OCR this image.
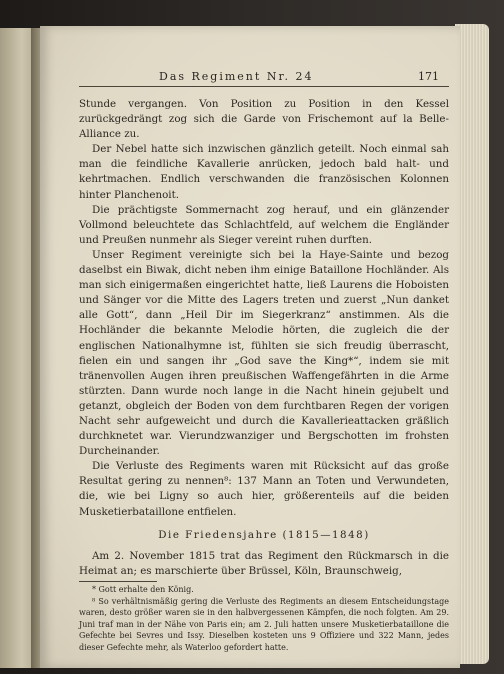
Das Regiment Nr. 24	171

Stunde vergangen. Von Position zu Position in den Kessel zurückgedrängt zog sich die Garde von Frischemont auf la Belle-Alliance zu.

Der Nebel hatte sich inzwischen gänzlich geteilt. Noch einmal sah man die feindliche Kavallerie anrücken, jedoch bald halt- und kehrtmachen. Endlich verschwanden die französischen Kolonnen hinter Planchenoit.

Die prächtigste Sommernacht zog herauf, und ein glänzender Vollmond beleuchtete das Schlachtfeld, auf welchem die Engländer und Preußen nunmehr als Sieger vereint ruhen durften.

Unser Regiment vereinigte sich bei la Haye-Sainte und bezog daselbst ein Biwak, dicht neben ihm einige Bataillone Hochländer. Als man sich einigermaßen eingerichtet hatte, ließ Laurens die Hoboisten und Sänger vor die Mitte des Lagers treten und zuerst „Nun danket alle Gott“, dann „Heil Dir im Siegerkranz“ anstimmen. Als die Hochländer die bekannte Melodie hörten, die zugleich die der englischen Nationalhymne ist, fühlten sie sich freudig überrascht, fielen ein und sangen ihr „God save the King*“, indem sie mit tränenvollen Augen ihren preußischen Waffengefährten in die Arme stürzten. Dann wurde noch lange in die Nacht hinein gejubelt und getanzt, obgleich der Boden von dem furchtbaren Regen der vorigen Nacht sehr aufgeweicht und durch die Kavallerieattacken gräßlich durchknetet war. Vierundzwanziger und Bergschotten im frohsten Durcheinander.

Die Verluste des Regiments waren mit Rücksicht auf das große Resultat gering zu nennen⁸: 137 Mann an Toten und Verwundeten, die, wie bei Ligny so auch hier, größerenteils auf die beiden Musketierbataillone entfielen.

Die Friedensjahre (1815—1848)

Am 2. November 1815 trat das Regiment den Rückmarsch in die Heimat an; es marschierte über Brüssel, Köln, Braunschweig,

* Gott erhalte den König.

⁸ So verhältnismäßig gering die Verluste des Regiments an diesem Entscheidungstage waren, desto größer waren sie in den halbvergessenen Kämpfen, die noch folgten. Am 29. Juni traf man in der Nähe von Paris ein; am 2. Juli hatten unsere Musketierbataillone die Gefechte bei Sevres und Issy. Dieselben kosteten uns 9 Offiziere und 322 Mann, jedes dieser Gefechte mehr, als Waterloo gefordert hatte.
